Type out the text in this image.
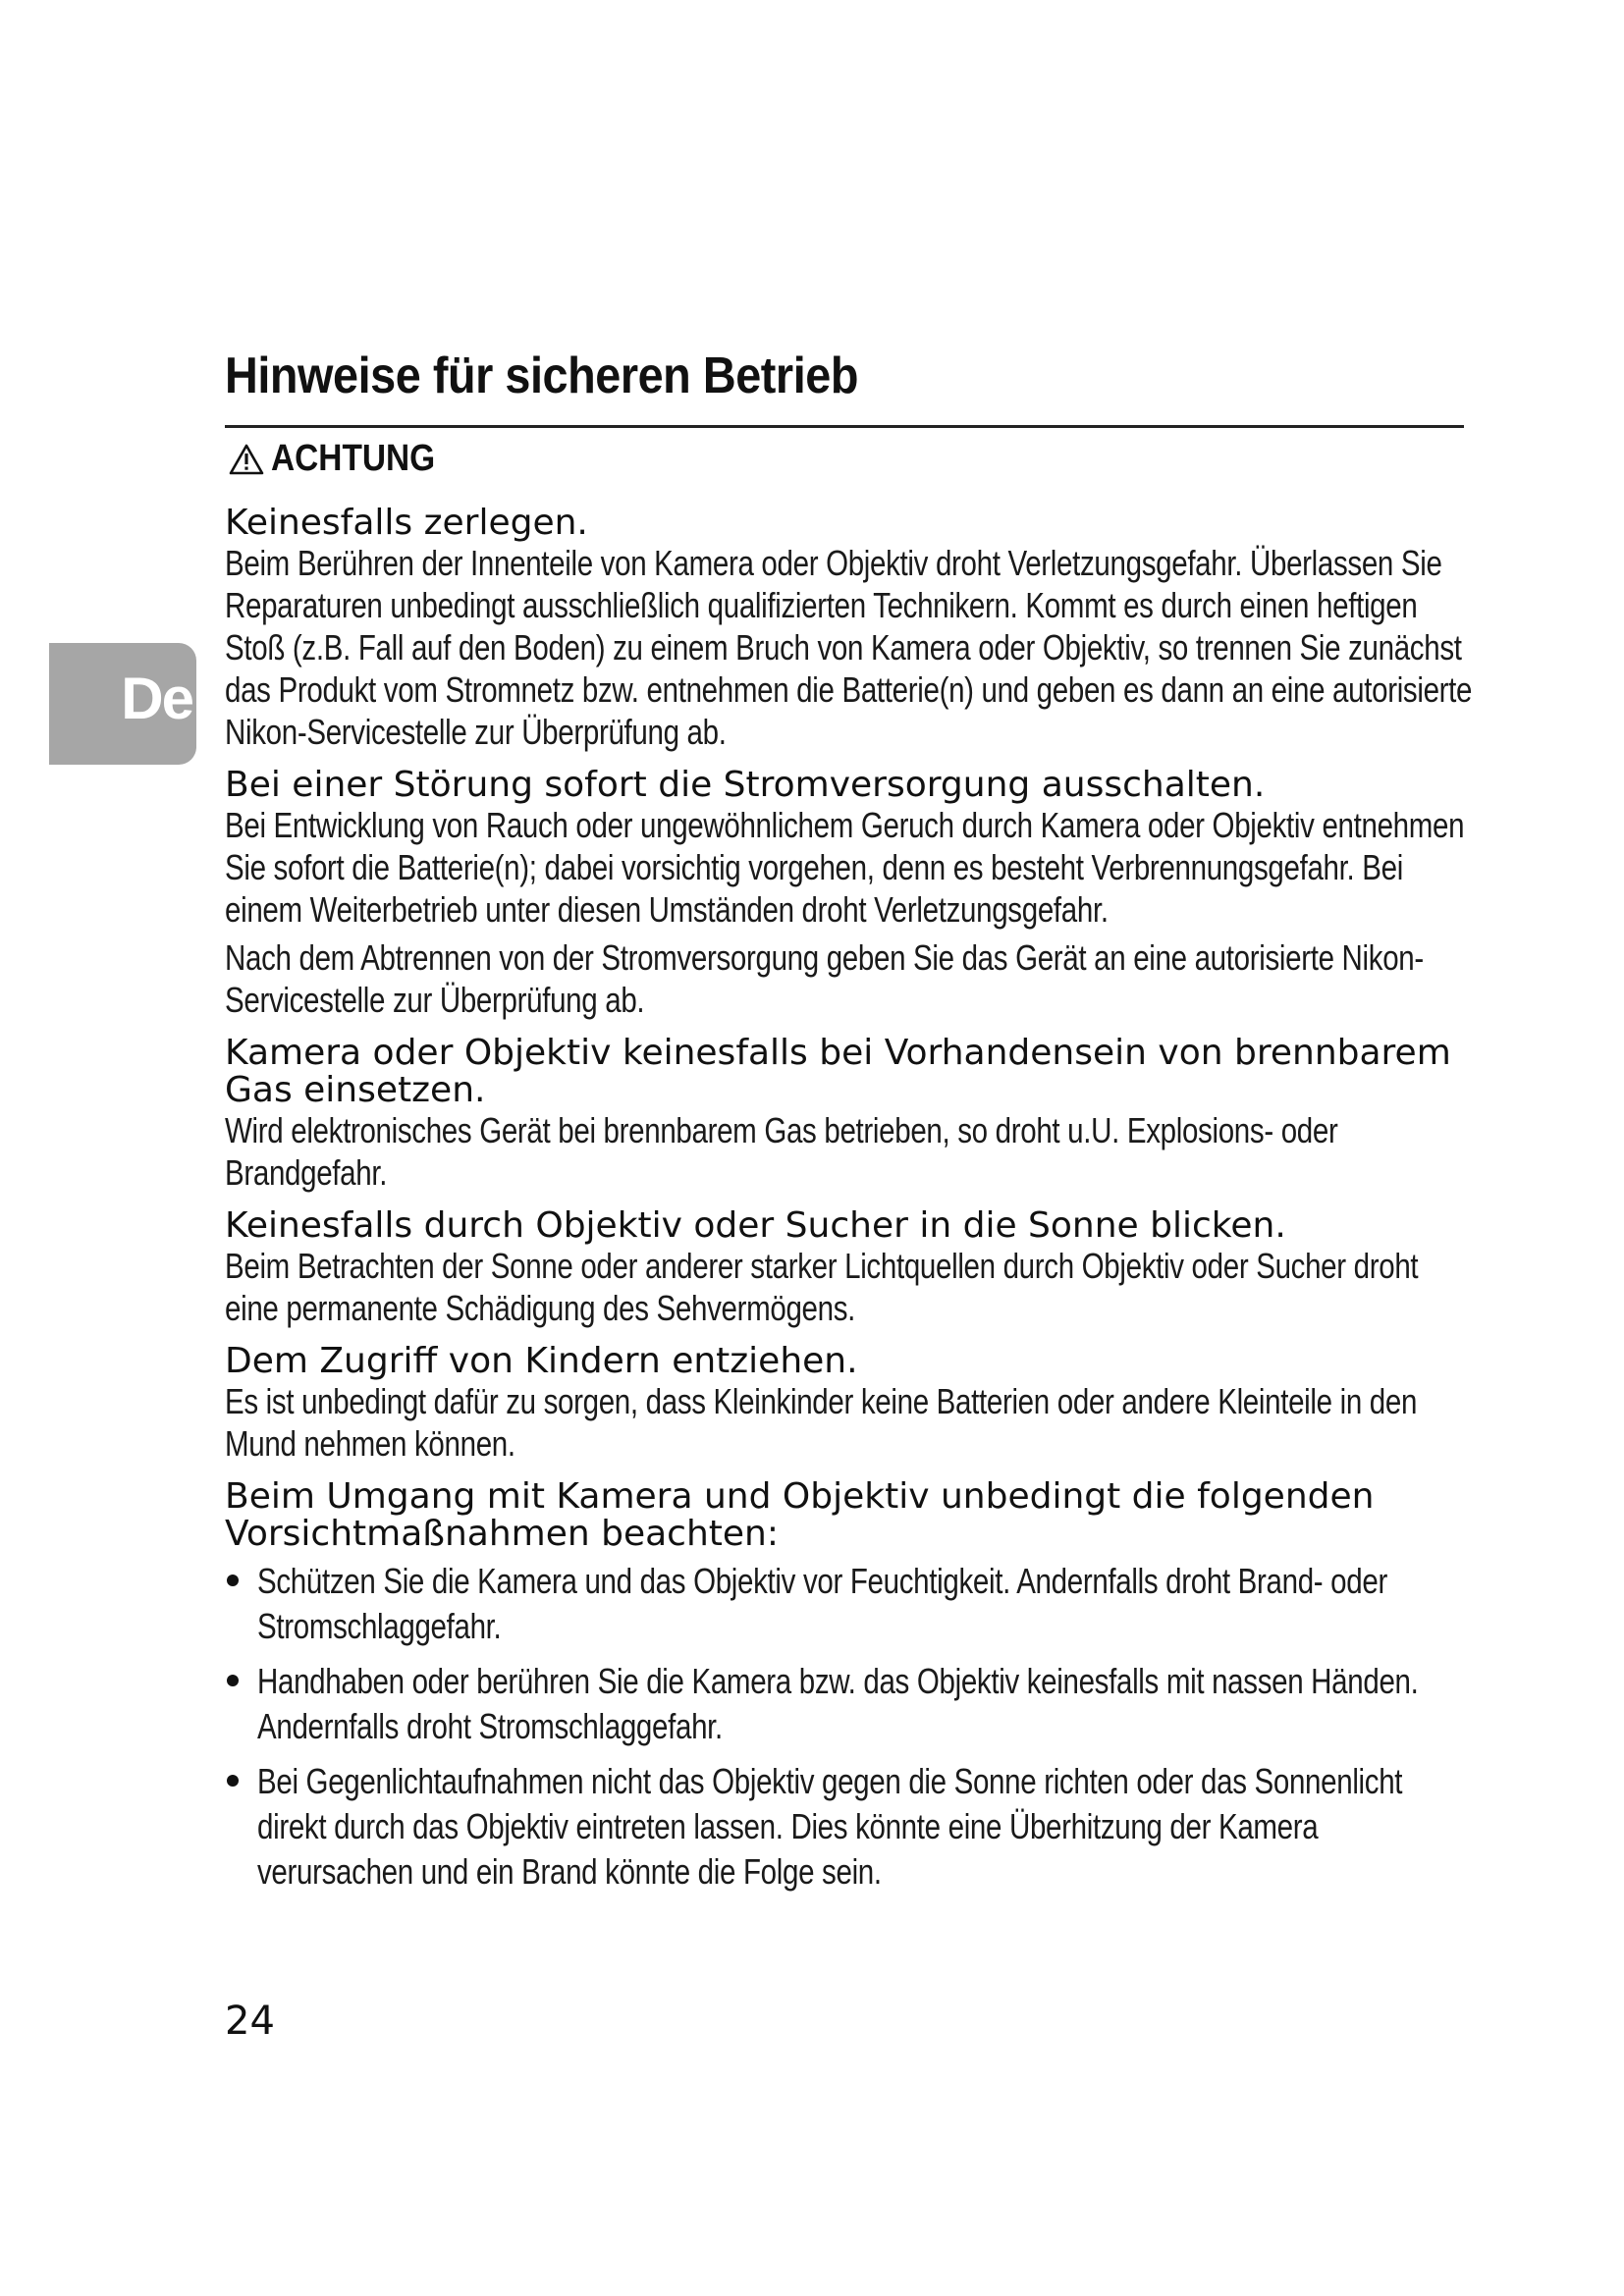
De
Hinweise für sicheren Betrieb
ACHTUNG
Keinesfalls zerlegen.

Beim Berühren der Innenteile von Kamera oder Objektiv droht Verletzungsgefahr. Überlassen Sie Reparaturen unbedingt ausschließlich qualifizierten Technikern. Kommt es durch einen heftigen Stoß (z.B. Fall auf den Boden) zu einem Bruch von Kamera oder Objektiv, so trennen Sie zunächst das Produkt vom Stromnetz bzw. entnehmen die Batterie(n) und geben es dann an eine autorisierte Nikon-Servicestelle zur Überprüfung ab.

Bei einer Störung sofort die Stromversorgung ausschalten.

Bei Entwicklung von Rauch oder ungewöhnlichem Geruch durch Kamera oder Objektiv entnehmen Sie sofort die Batterie(n); dabei vorsichtig vorgehen, denn es besteht Verbrennungsgefahr. Bei einem Weiterbetrieb unter diesen Umständen droht Verletzungsgefahr.

Nach dem Abtrennen von der Stromversorgung geben Sie das Gerät an eine autorisierte Nikon-Servicestelle zur Überprüfung ab.

Kamera oder Objektiv keinesfalls bei Vorhandensein von brennbarem Gas einsetzen.

Wird elektronisches Gerät bei brennbarem Gas betrieben, so droht u.U. Explosions- oder Brandgefahr.

Keinesfalls durch Objektiv oder Sucher in die Sonne blicken.

Beim Betrachten der Sonne oder anderer starker Lichtquellen durch Objektiv oder Sucher droht eine permanente Schädigung des Sehvermögens.

Dem Zugriff von Kindern entziehen.

Es ist unbedingt dafür zu sorgen, dass Kleinkinder keine Batterien oder andere Kleinteile in den Mund nehmen können.

Beim Umgang mit Kamera und Objektiv unbedingt die folgenden Vorsichtmaßnahmen beachten:

Schützen Sie die Kamera und das Objektiv vor Feuchtigkeit. Andernfalls droht Brand- oder Stromschlaggefahr.

Handhaben oder berühren Sie die Kamera bzw. das Objektiv keinesfalls mit nassen Händen. Andernfalls droht Stromschlaggefahr.

Bei Gegenlichtaufnahmen nicht das Objektiv gegen die Sonne richten oder das Sonnenlicht direkt durch das Objektiv eintreten lassen. Dies könnte eine Überhitzung der Kamera verursachen und ein Brand könnte die Folge sein.

24
